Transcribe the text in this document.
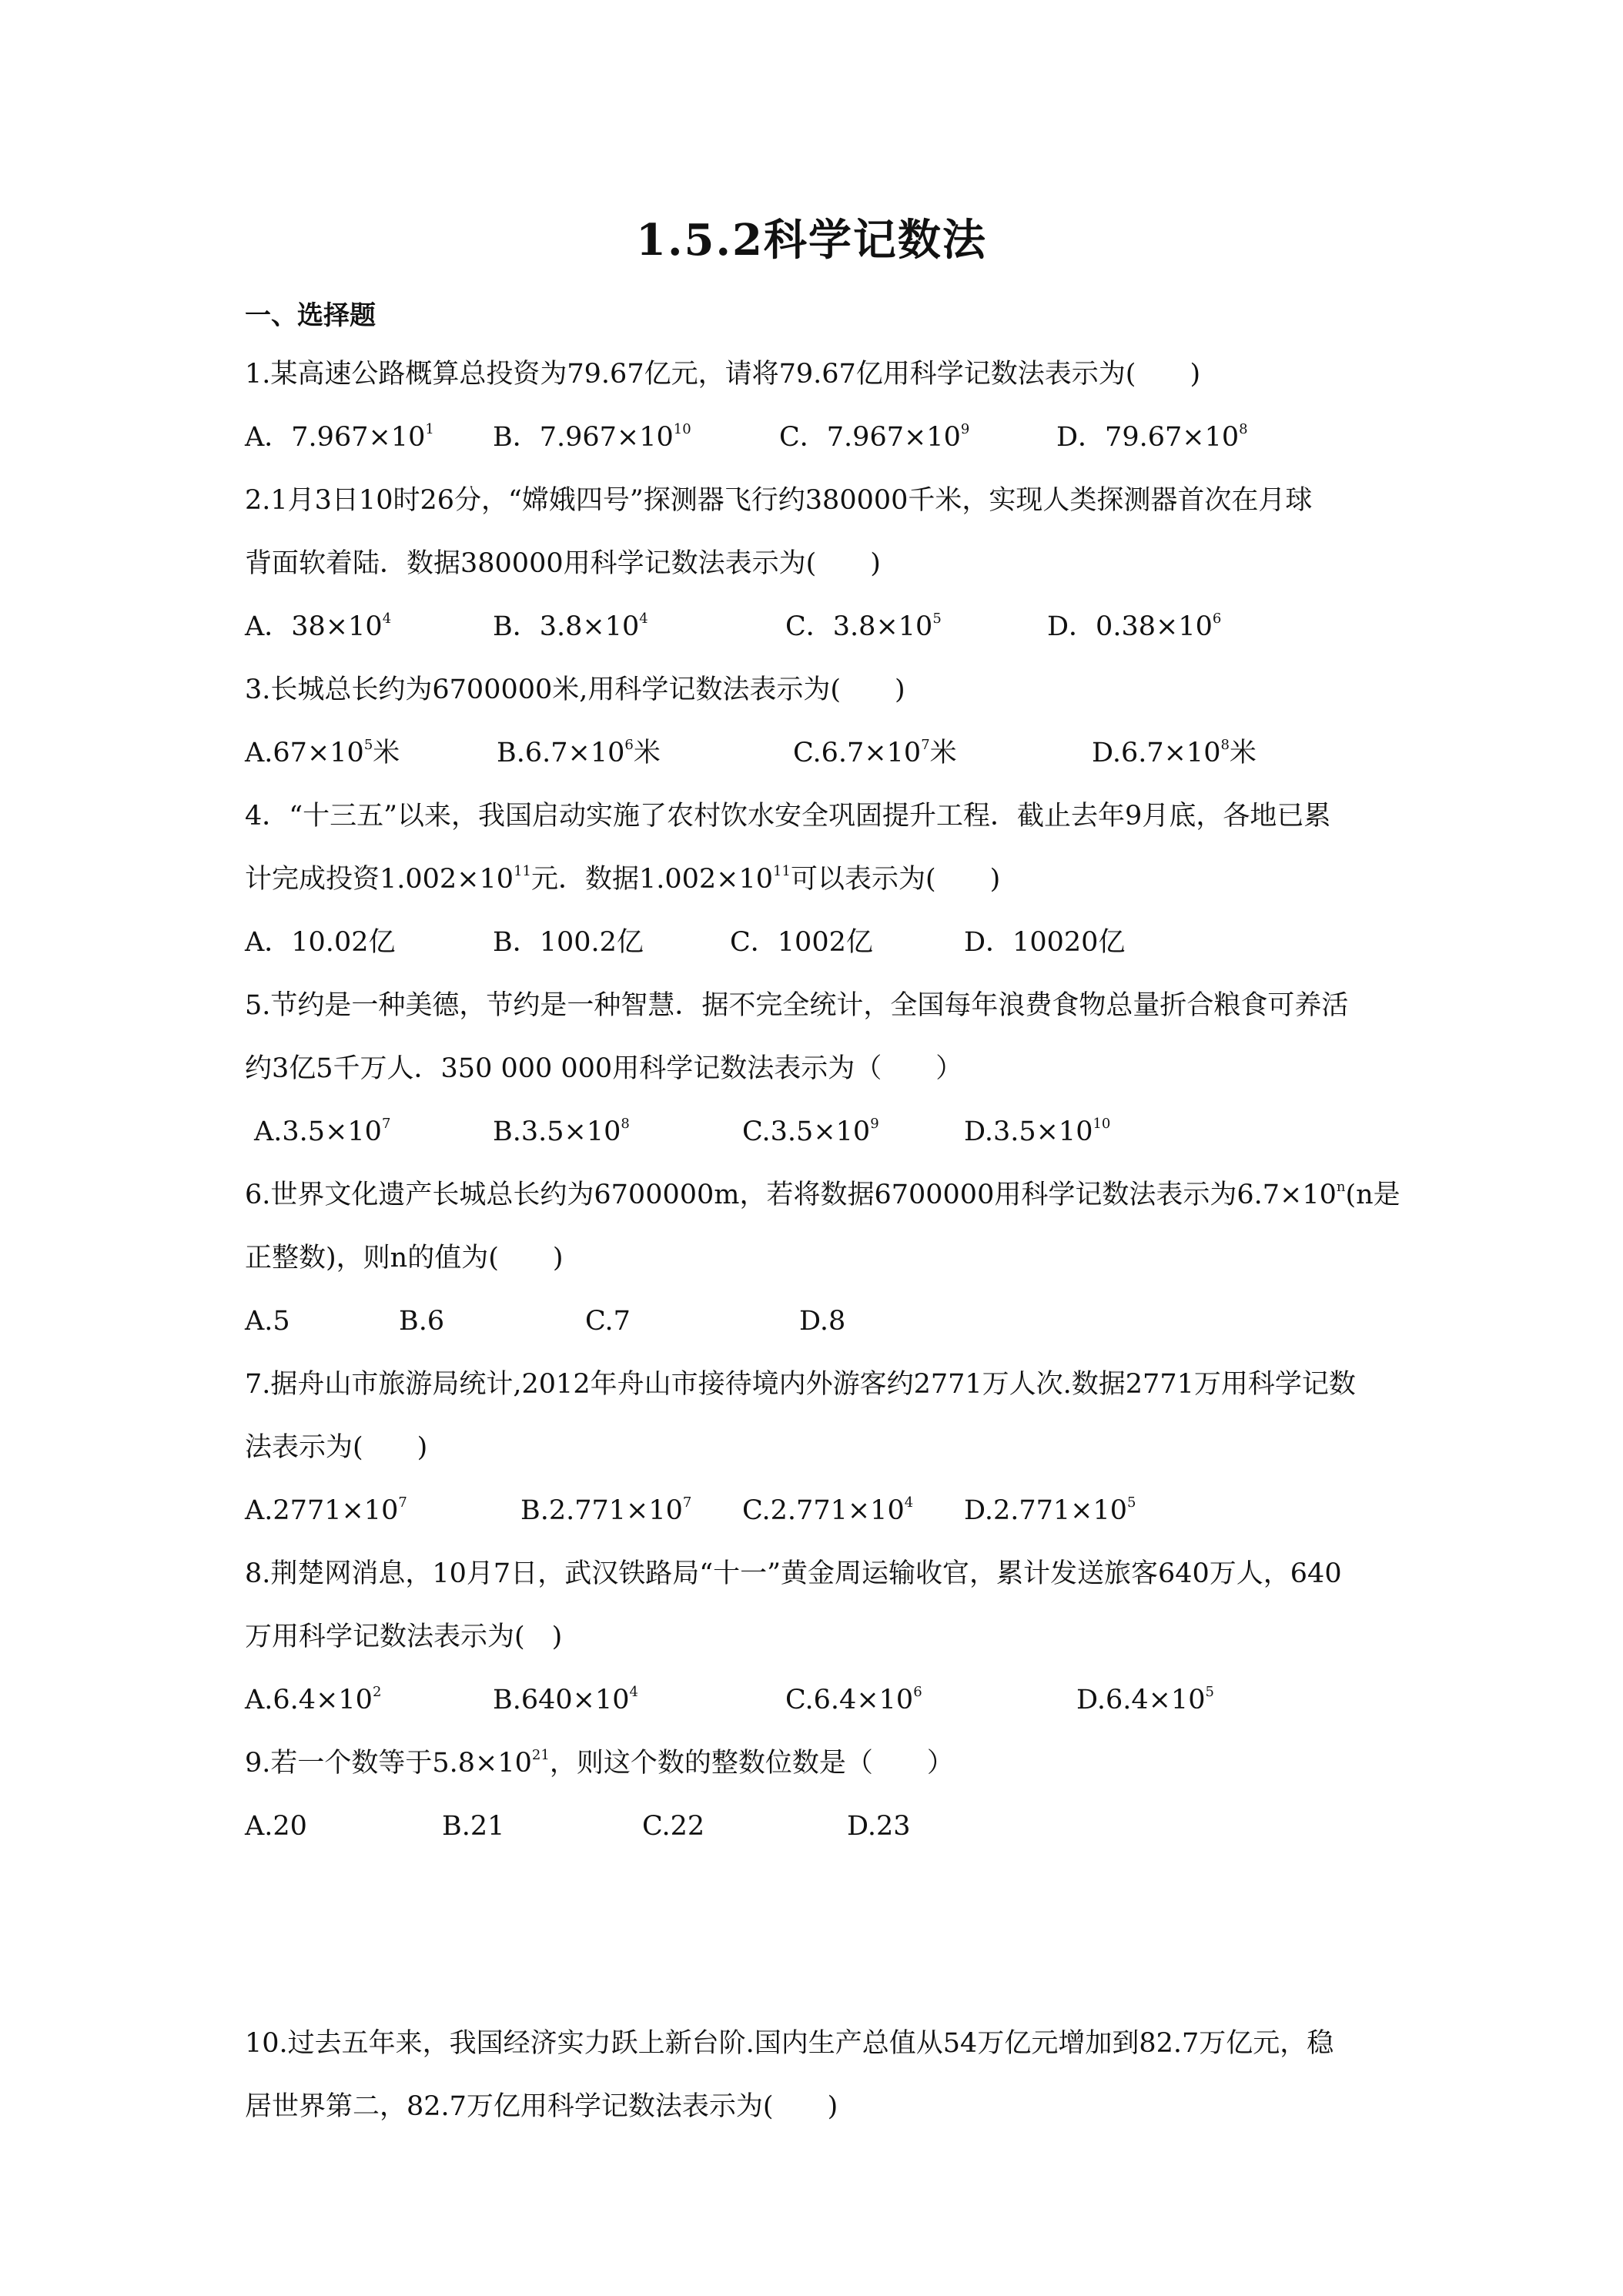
1.5.2科学记数法
一、选择题
1.某高速公路概算总投资为79.67亿元，请将79.67亿用科学记数法表示为(　　)
A．$7.967\times 10^1$ B．$7.967\times 10^{10}$	C．$7.967\times 10^9$	D．$79.67\times 10^8$
2.1月3日10时26分，“嫦娥四号”探测器飞行约380000千米，实现人类探测器首次在月球
背面软着陆．数据380000用科学记数法表示为(　　)
A．$38\times 10^4$	B．$3.8\times 10^4$	C．$3.8\times 10^5$	D．$0.38\times 10^6$
3.长城总长约为6700000米,用科学记数法表示为(　　)
$A.67\times 10^5$米	$B.6.7\times 10^6$米	$C.6.7\times 10^7$米	$D.6.7\times 10^8$米
4．“十三五”以来，我国启动实施了农村饮水安全巩固提升工程．截止去年9月底，各地已累
计完成投资$1.002\times 10^{11}$元．数据$1.002\times 10^{11}$可以表示为(　　)
A．10.02亿	B．100.2亿	C．1002亿	D．10020亿
5.节约是一种美德，节约是一种智慧．据不完全统计，全国每年浪费食物总量折合粮食可养活
约3亿5千万人．350 000 000用科学记数法表示为（　　）
$A.3.5\times 10^7$	$B.3.5\times 10^8$	$C.3.5\times 10^9$	$D.3.5\times 10^{10}$
6.世界文化遗产长城总长约为6700000m，若将数据6700000用科学记数法表示为$6.7\times 10^n(n$是
正整数)，则n的值为(　　)
A.5	B.6	C.7	D.8
7.据舟山市旅游局统计,2012年舟山市接待境内外游客约2771万人次.数据2771万用科学记数
法表示为(　　)
$A.2771\times 10^7$	$B.2.771\times 10^7$ $C.2.771\times 10^4$ $D.2.771\times 10^5$
8.荆楚网消息，10月7日，武汉铁路局“十一”黄金周运输收官，累计发送旅客640万人，640
万用科学记数法表示为(　)
$A.6.4\times 10^2$	$B.640\times 10^4$	$C.6.4\times 10^6$	$D.6.4\times 10^5$
9.若一个数等于$5.8\times 10^{21}$，则这个数的整数位数是（　　）
A.20	B.21	C.22	D.23
10.过去五年来，我国经济实力跃上新台阶.国内生产总值从54万亿元增加到82.7万亿元，稳
居世界第二，82.7万亿用科学记数法表示为(　　)
